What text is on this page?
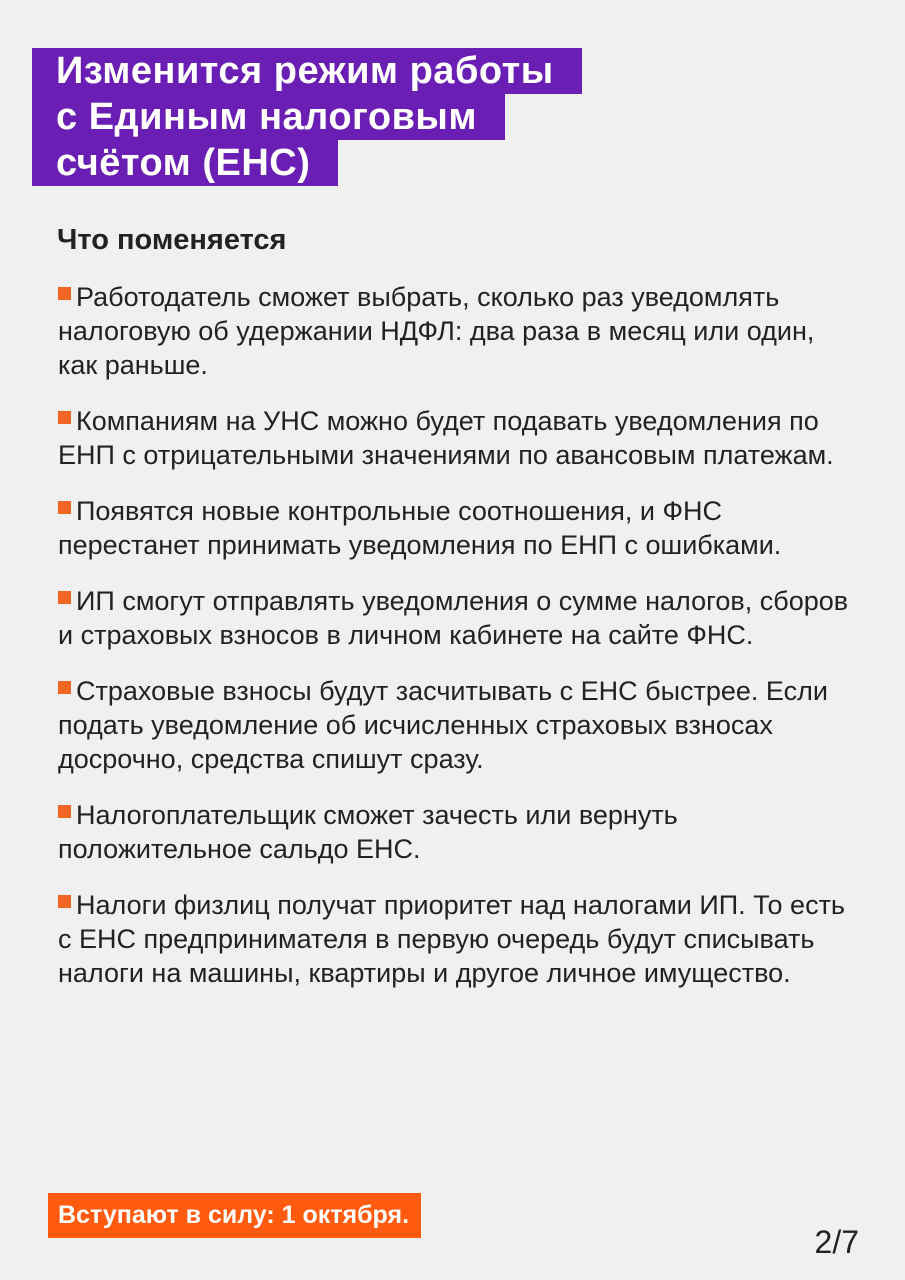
Изменится режим работы
с Единым налоговым
счётом (ЕНС)
Что поменяется
Работодатель сможет выбрать, сколько раз уведомлять налоговую об удержании НДФЛ: два раза в месяц или один, как раньше.
Компаниям на УНС можно будет подавать уведомления по ЕНП с отрицательными значениями по авансовым платежам.
Появятся новые контрольные соотношения, и ФНС перестанет принимать уведомления по ЕНП с ошибками.
ИП смогут отправлять уведомления о сумме налогов, сборов и страховых взносов в личном кабинете на сайте ФНС.
Страховые взносы будут засчитывать с ЕНС быстрее. Если подать уведомление об исчисленных страховых взносах досрочно, средства спишут сразу.
Налогоплательщик сможет зачесть или вернуть положительное сальдо ЕНС.
Налоги физлиц получат приоритет над налогами ИП. То есть с ЕНС предпринимателя в первую очередь будут списывать налоги на машины, квартиры и другое личное имущество.
Вступают в силу: 1 октября.
2/7
